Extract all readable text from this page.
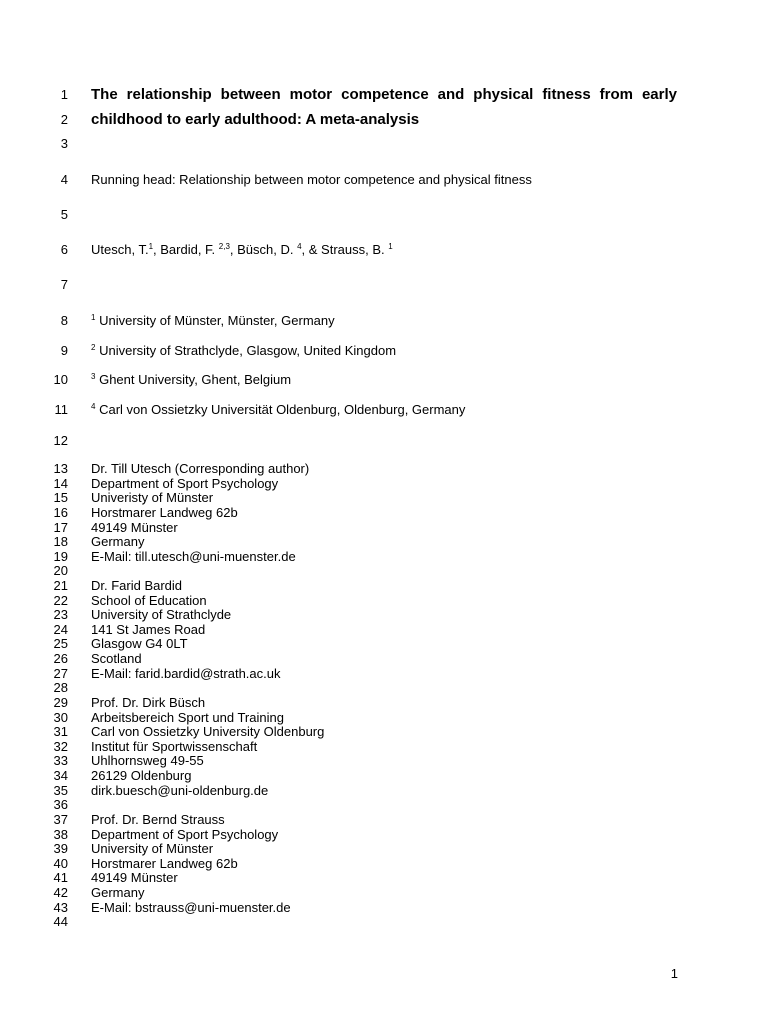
1
2
3
4
5
6
7
8
9
10
11
12
The relationship between motor competence and physical fitness from early
childhood to early adulthood: A meta-analysis
Running head: Relationship between motor competence and physical fitness
Utesch, T.$^1$, Bardid, F. $^{2,3}$, Büsch, D. $^4$, & Strauss, B. $^1$
$^1$ University of Münster, Münster, Germany
$^2$ University of Strathclyde, Glasgow, United Kingdom
$^3$ Ghent University, Ghent, Belgium
$^4$ Carl von Ossietzky Universität Oldenburg, Oldenburg, Germany
13 Dr. Till Utesch (Corresponding author)
14 Department of Sport Psychology
15 Univeristy of Münster
16 Horstmarer Landweg 62b
17 49149 Münster
18 Germany
19 E-Mail: till.utesch@uni-muenster.de
20
21 Dr. Farid Bardid
22 School of Education
23 University of Strathclyde
24 141 St James Road
25 Glasgow G4 0LT
26 Scotland
27 E-Mail: farid.bardid@strath.ac.uk
28
29 Prof. Dr. Dirk Büsch
30 Arbeitsbereich Sport und Training
31 Carl von Ossietzky University Oldenburg
32 Institut für Sportwissenschaft
33 Uhlhornsweg 49-55
34 26129 Oldenburg
35 dirk.buesch@uni-oldenburg.de
36
37 Prof. Dr. Bernd Strauss
38 Department of Sport Psychology
39 University of Münster
40 Horstmarer Landweg 62b
41 49149 Münster
42 Germany
43 E-Mail: bstrauss@uni-muenster.de
44
1
